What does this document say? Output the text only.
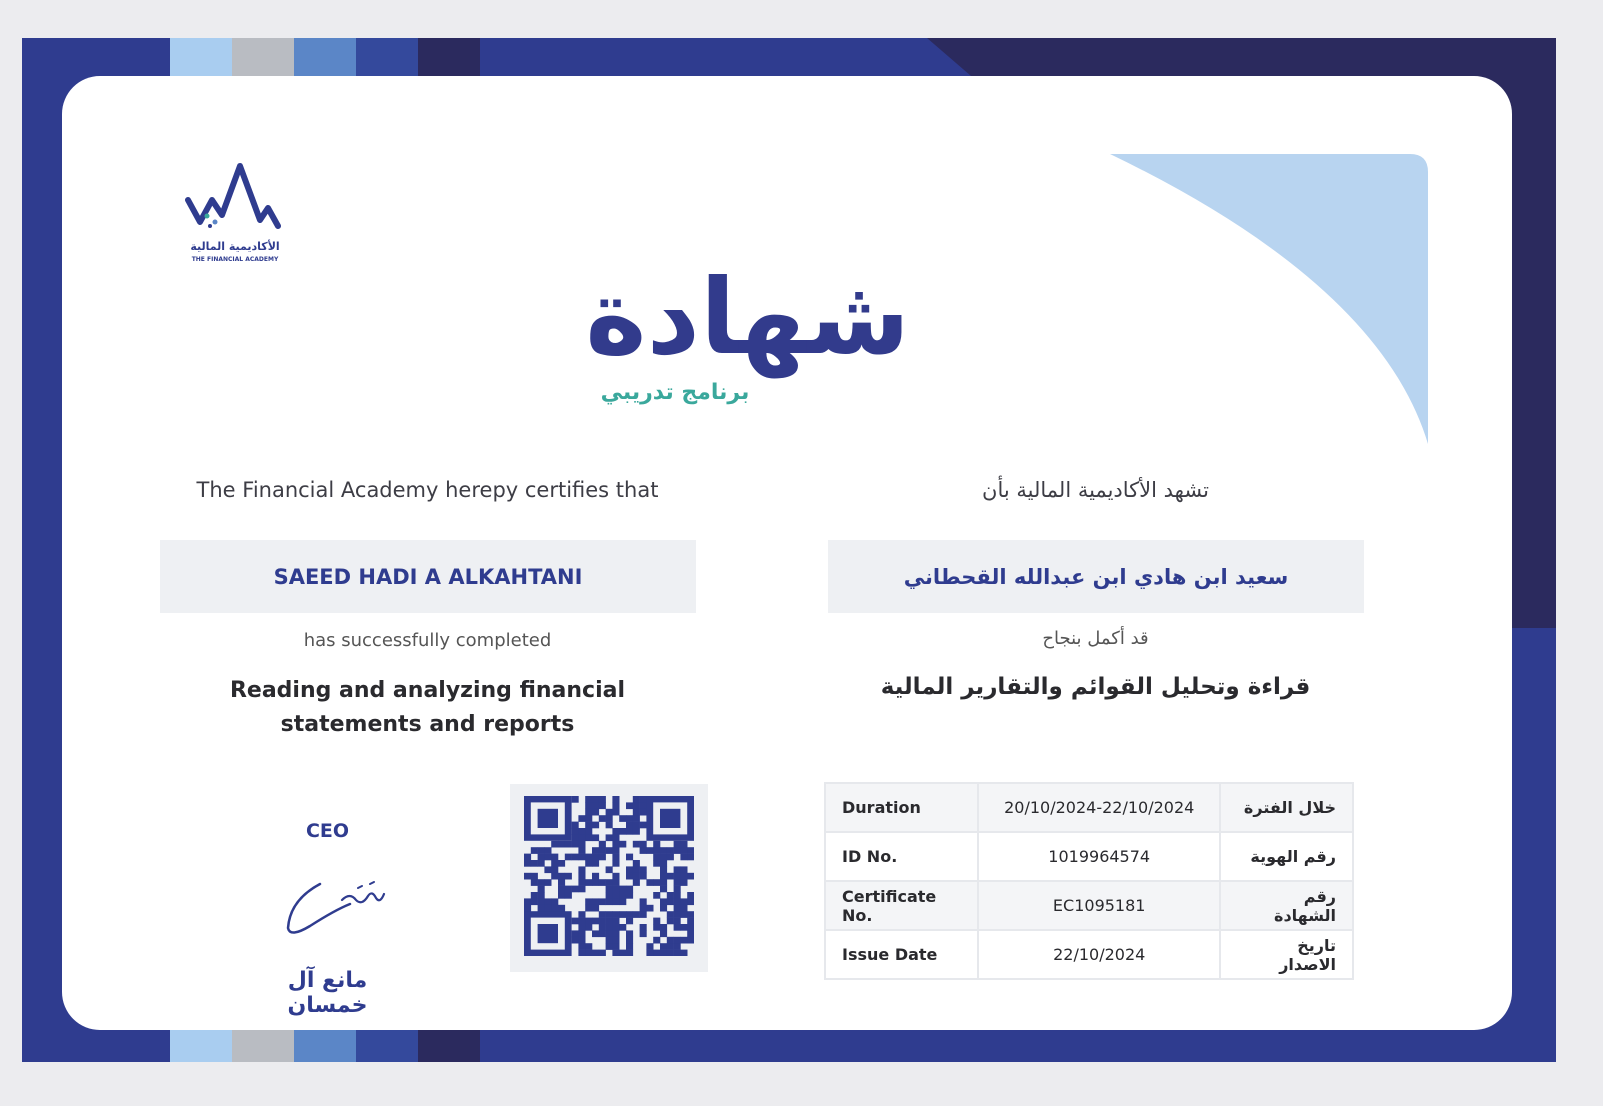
الأكاديمية المالية
THE FINANCIAL ACADEMY	شهادة
برنامج تدريبي
The Financial Academy herepy certifies that	تشهد الأكاديمية المالية بأن
SAEED HADI A ALKAHTANI	سعيد ابن هادي ابن عبدالله القحطاني
has successfully completed	قد أكمل بنجاح
Reading and analyzing financial statements and reports
قراءة وتحليل القوائم والتقارير المالية
CEO
مانع آل خمسان
Duration	20/10/2024-22/10/2024	خلال الفترة
ID No.	1019964574	رقم الهوية
Certificate No.	EC1095181	رقم الشهادة
Issue Date	22/10/2024	تاريخ الاصدار
